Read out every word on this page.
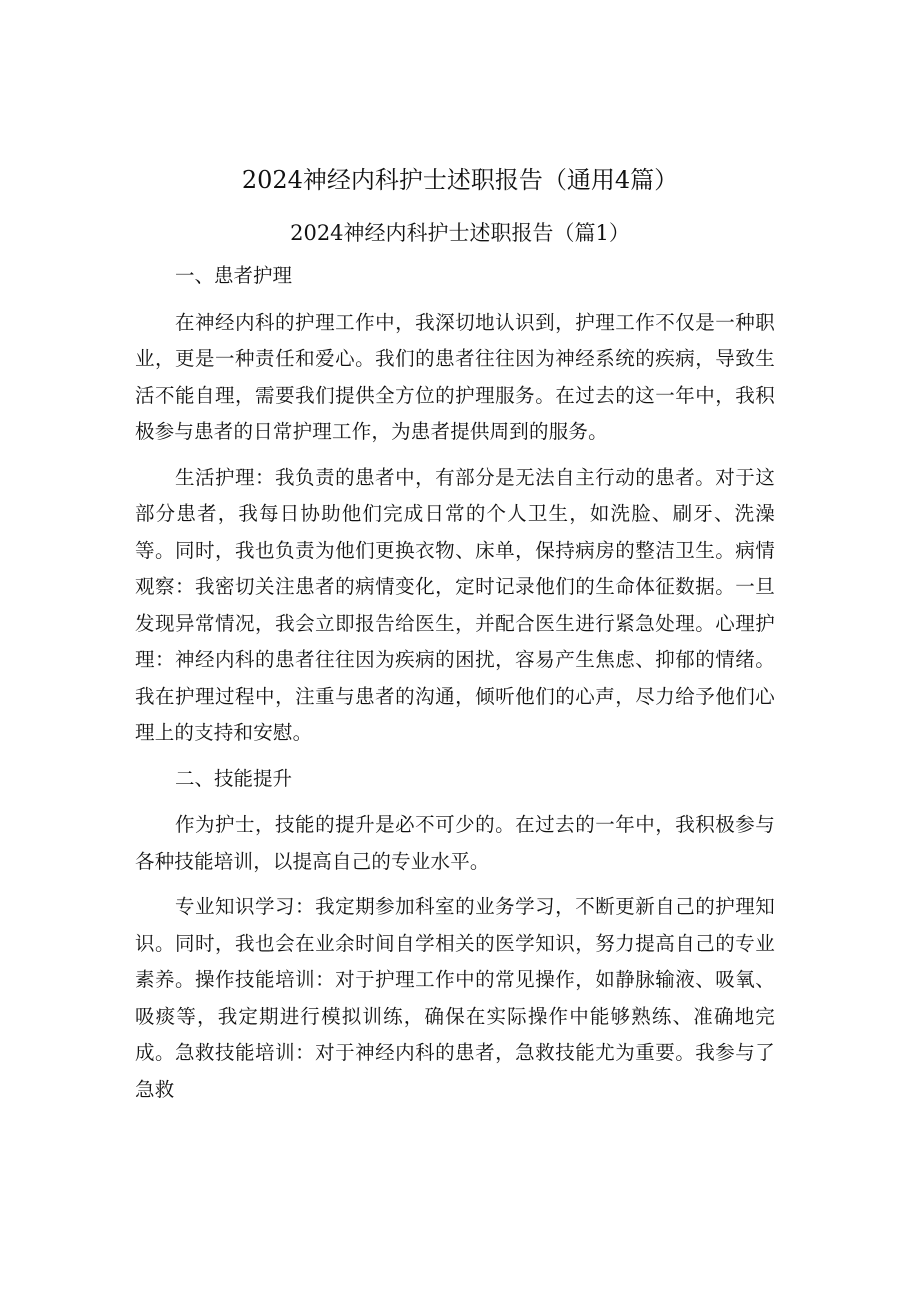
2024神经内科护士述职报告（通用4篇）
2024神经内科护士述职报告（篇1）
一、患者护理
在神经内科的护理工作中，我深切地认识到，护理工作不仅是一种职业，更是一种责任和爱心。我们的患者往往因为神经系统的疾病，导致生活不能自理，需要我们提供全方位的护理服务。在过去的这一年中，我积极参与患者的日常护理工作，为患者提供周到的服务。
生活护理：我负责的患者中，有部分是无法自主行动的患者。对于这部分患者，我每日协助他们完成日常的个人卫生，如洗脸、刷牙、洗澡等。同时，我也负责为他们更换衣物、床单，保持病房的整洁卫生。病情观察：我密切关注患者的病情变化，定时记录他们的生命体征数据。一旦发现异常情况，我会立即报告给医生，并配合医生进行紧急处理。心理护理：神经内科的患者往往因为疾病的困扰，容易产生焦虑、抑郁的情绪。我在护理过程中，注重与患者的沟通，倾听他们的心声，尽力给予他们心理上的支持和安慰。
二、技能提升
作为护士，技能的提升是必不可少的。在过去的一年中，我积极参与各种技能培训，以提高自己的专业水平。
专业知识学习：我定期参加科室的业务学习，不断更新自己的护理知识。同时，我也会在业余时间自学相关的医学知识，努力提高自己的专业素养。操作技能培训：对于护理工作中的常见操作，如静脉输液、吸氧、吸痰等，我定期进行模拟训练，确保在实际操作中能够熟练、准确地完成。急救技能培训：对于神经内科的患者，急救技能尤为重要。我参与了急救
